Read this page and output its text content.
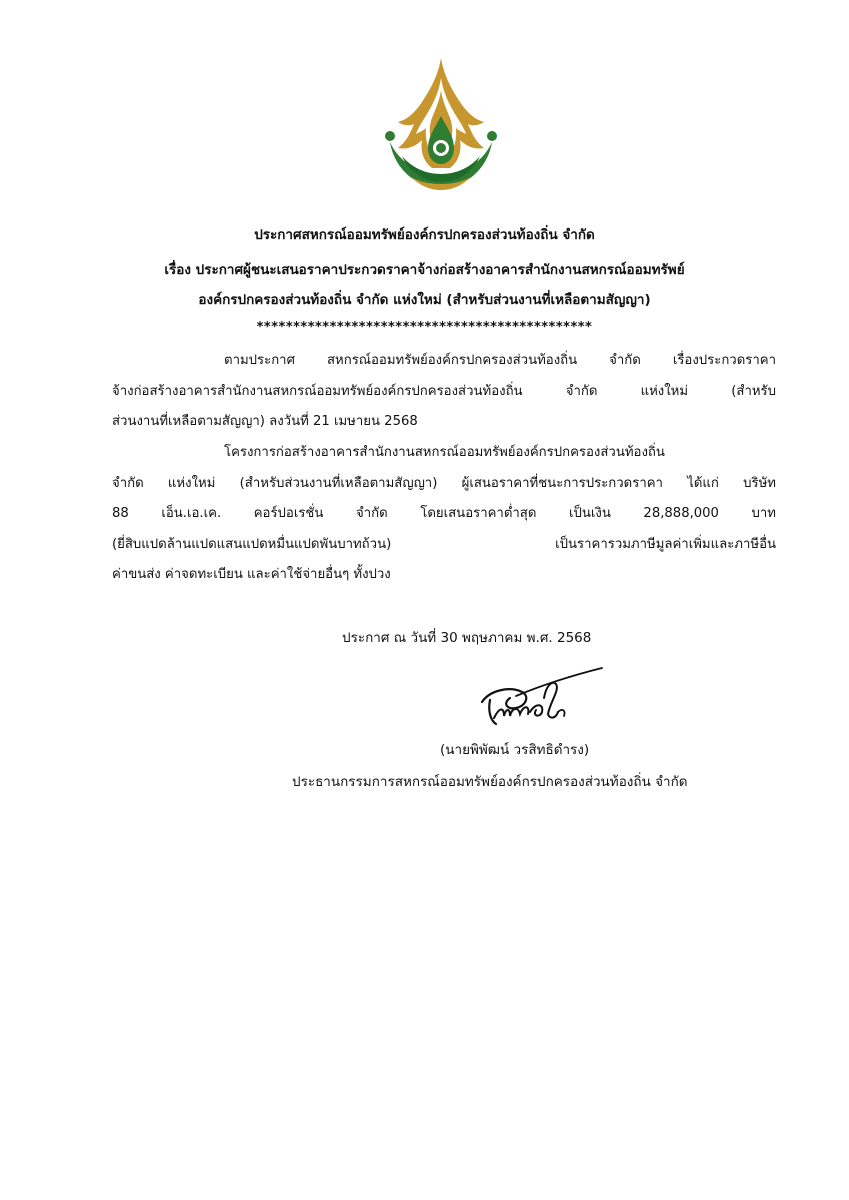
ประกาศสหกรณ์ออมทรัพย์องค์กรปกครองส่วนท้องถิ่น จำกัด
เรื่อง ประกาศผู้ชนะเสนอราคาประกวดราคาจ้างก่อสร้างอาคารสำนักงานสหกรณ์ออมทรัพย์
องค์กรปกครองส่วนท้องถิ่น จำกัด แห่งใหม่ (สำหรับส่วนงานที่เหลือตามสัญญา)
**********************************************
ตามประกาศ สหกรณ์ออมทรัพย์องค์กรปกครองส่วนท้องถิ่น จำกัด เรื่องประกวดราคา
จ้างก่อสร้างอาคารสำนักงานสหกรณ์ออมทรัพย์องค์กรปกครองส่วนท้องถิ่น จำกัด แห่งใหม่ (สำหรับ
ส่วนงานที่เหลือตามสัญญา) ลงวันที่ 21 เมษายน 2568
โครงการก่อสร้างอาคารสำนักงานสหกรณ์ออมทรัพย์องค์กรปกครองส่วนท้องถิ่น
จำกัด แห่งใหม่ (สำหรับส่วนงานที่เหลือตามสัญญา) ผู้เสนอราคาที่ชนะการประกวดราคา ได้แก่ บริษัท
88 เอ็น.เอ.เค. คอร์ปอเรชั่น จำกัด โดยเสนอราคาต่ำสุด เป็นเงิน 28,888,000 บาท
(ยี่สิบแปดล้านแปดแสนแปดหมื่นแปดพันบาทถ้วน) เป็นราคารวมภาษีมูลค่าเพิ่มและภาษีอื่น
ค่าขนส่ง ค่าจดทะเบียน และค่าใช้จ่ายอื่นๆ ทั้งปวง
ประกาศ ณ วันที่ 30 พฤษภาคม พ.ศ. 2568
(นายพิพัฒน์ วรสิทธิดำรง)
ประธานกรรมการสหกรณ์ออมทรัพย์องค์กรปกครองส่วนท้องถิ่น จำกัด
